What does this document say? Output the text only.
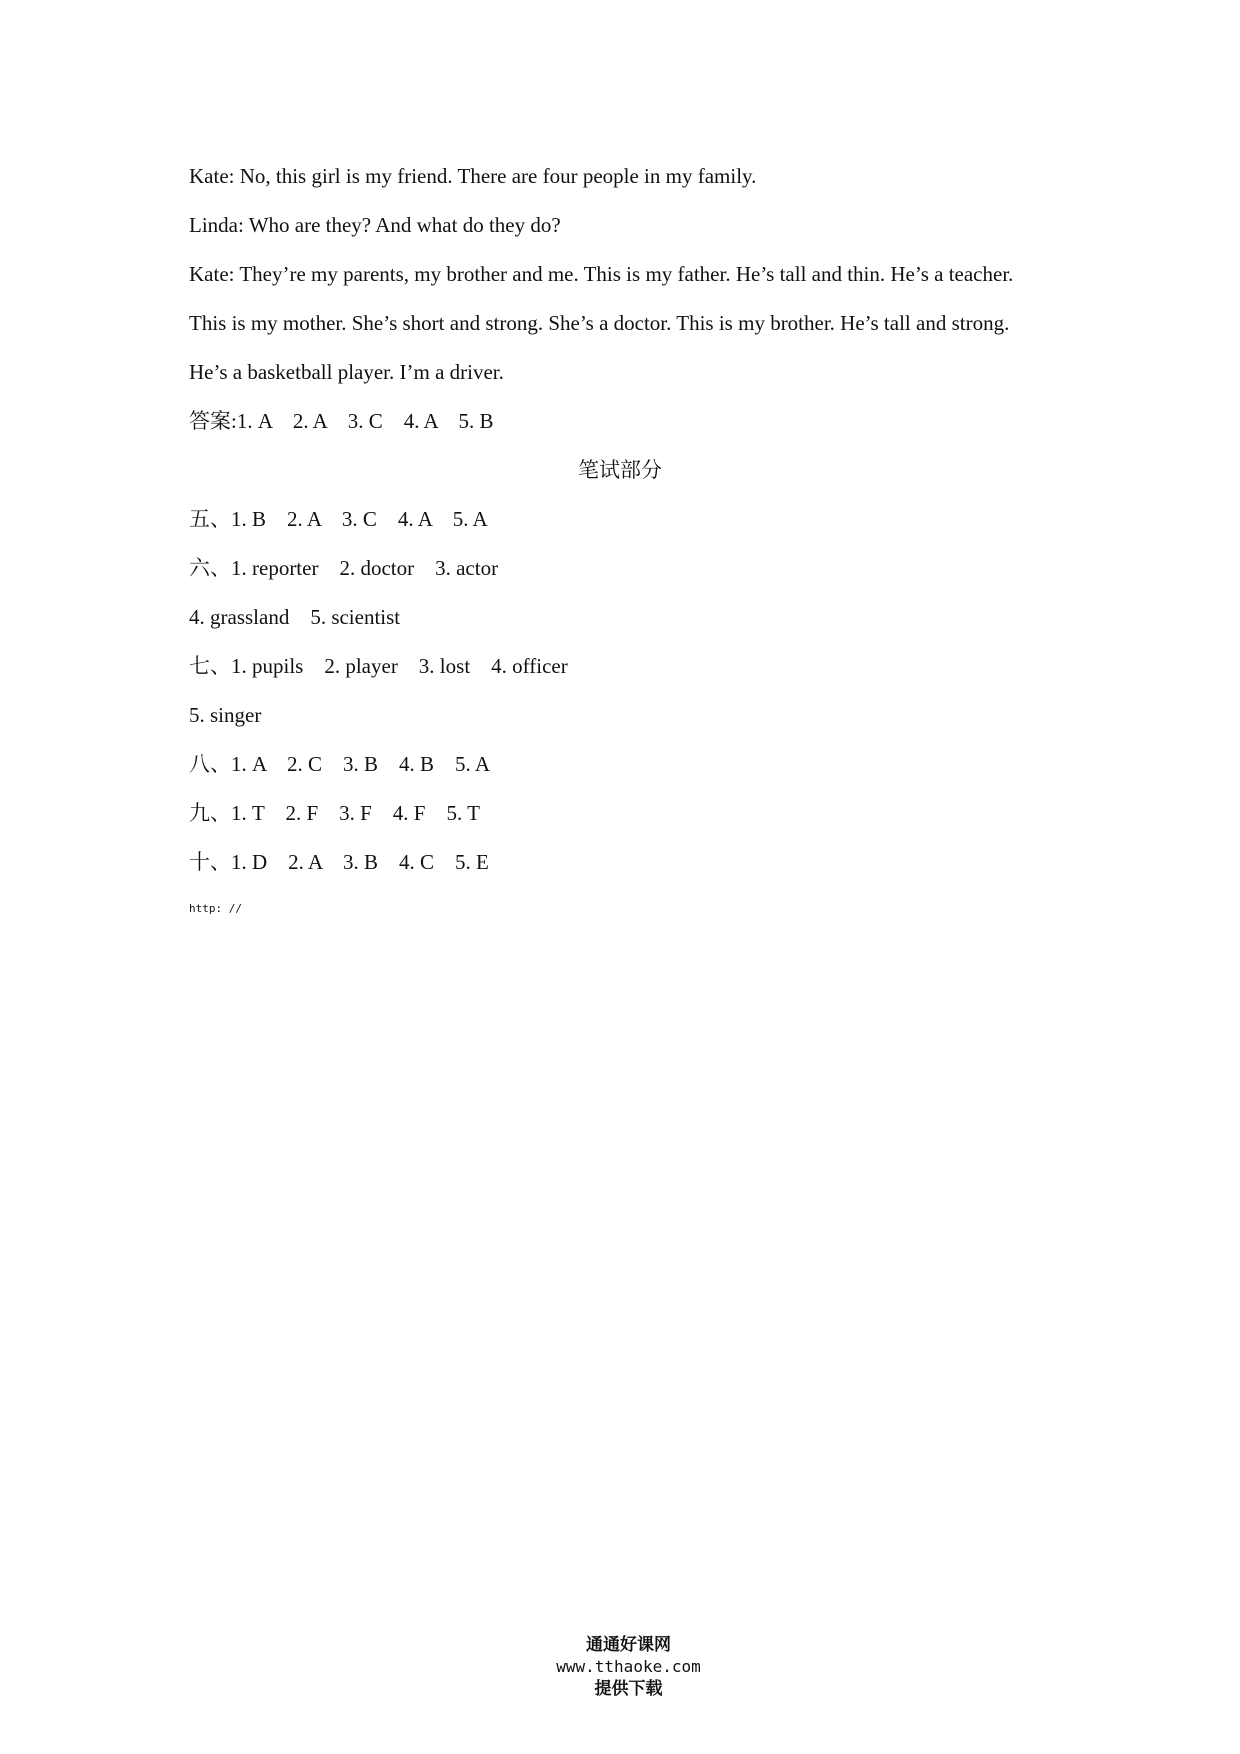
Kate: No, this girl is my friend. There are four people in my family.
Linda: Who are they? And what do they do?
Kate: They’re my parents, my brother and me. This is my father. He’s tall and thin. He’s a teacher.
This is my mother. She’s short and strong. She’s a doctor. This is my brother. He’s tall and strong.
He’s a basketball player. I’m a driver.
答案:1. A    2. A    3. C    4. A    5. B
笔试部分
五、1. B    2. A    3. C    4. A    5. A
六、1. reporter    2. doctor    3. actor
4. grassland    5. scientist
七、1. pupils    2. player    3. lost    4. officer
5. singer
八、1. A    2. C    3. B    4. B    5. A
九、1. T    2. F    3. F    4. F    5. T
十、1. D    2. A    3. B    4. C    5. E
http: //

通通好课网
www.tthaoke.com
提供下载
